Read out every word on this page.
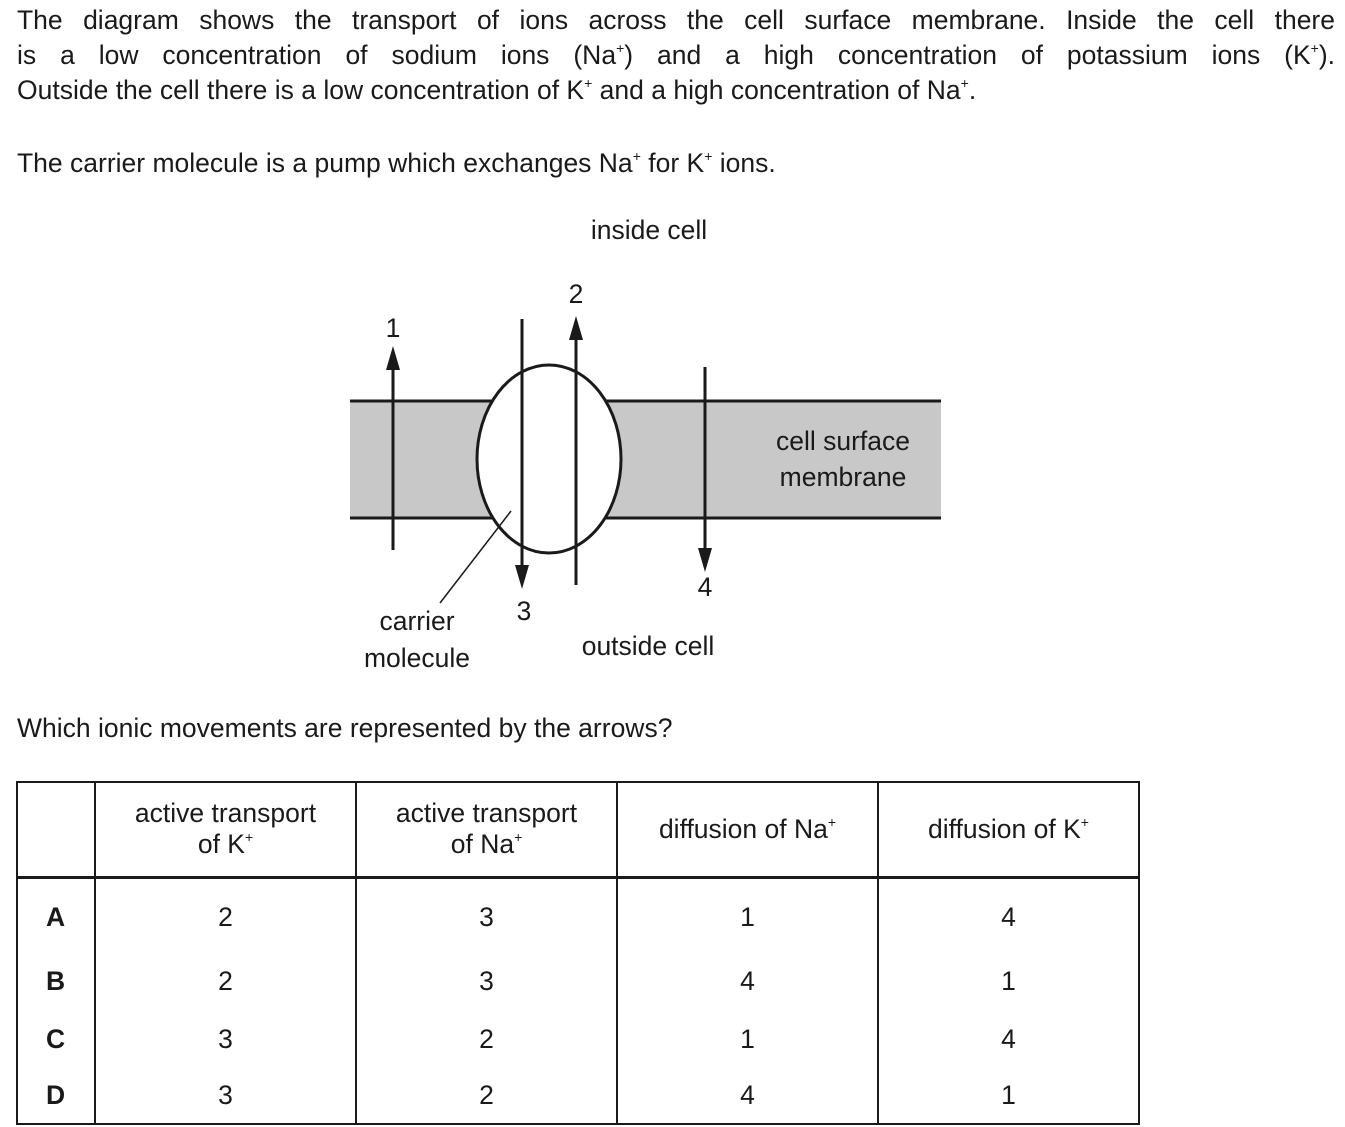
The diagram shows the transport of ions across the cell surface membrane. Inside the cell there
is a low concentration of sodium ions (Na+) and a high concentration of potassium ions (K+).
Outside the cell there is a low concentration of K+ and a high concentration of Na+.
The carrier molecule is a pump which exchanges Na+ for K+ ions.
inside cell
outside cell
cell surface
membrane
carrier
molecule
1
2
3
4
Which ionic movements are represented by the arrows?
	active transport
of K+	active transport
of Na+	diffusion of Na+	diffusion of K+
A	2	3	1	4
B	2	3	4	1
C	3	2	1	4
D	3	2	4	1
